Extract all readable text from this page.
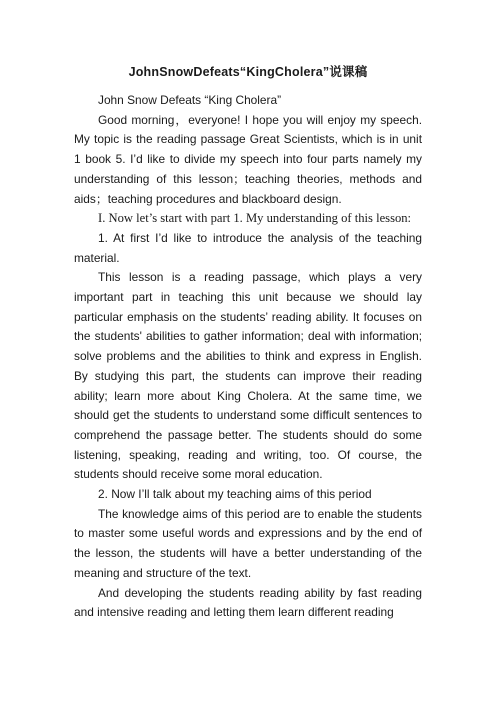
JohnSnowDefeats“KingCholera”说课稿

John Snow Defeats “King Cholera”

Good morning，everyone! I hope you will enjoy my speech. My topic is the reading passage Great Scientists, which is in unit 1 book 5. I’d like to divide my speech into four parts namely my understanding of this lesson；teaching theories, methods and aids；teaching procedures and blackboard design.

I. Now let’s start with part 1. My understanding of this lesson:

1. At first I’d like to introduce the analysis of the teaching material.

This lesson is a reading passage, which plays a very important part in teaching this unit because we should lay particular emphasis on the students’ reading ability. It focuses on the students' abilities to gather information; deal with information; solve problems and the abilities to think and express in English. By studying this part, the students can improve their reading ability; learn more about King Cholera. At the same time, we should get the students to understand some difficult sentences to comprehend the passage better. The students should do some listening, speaking, reading and writing, too. Of course, the students should receive some moral education.

2. Now I’ll talk about my teaching aims of this period

The knowledge aims of this period are to enable the students to master some useful words and expressions and by the end of the lesson, the students will have a better understanding of the meaning and structure of the text.

And developing the students reading ability by fast reading and intensive reading and letting them learn different reading
